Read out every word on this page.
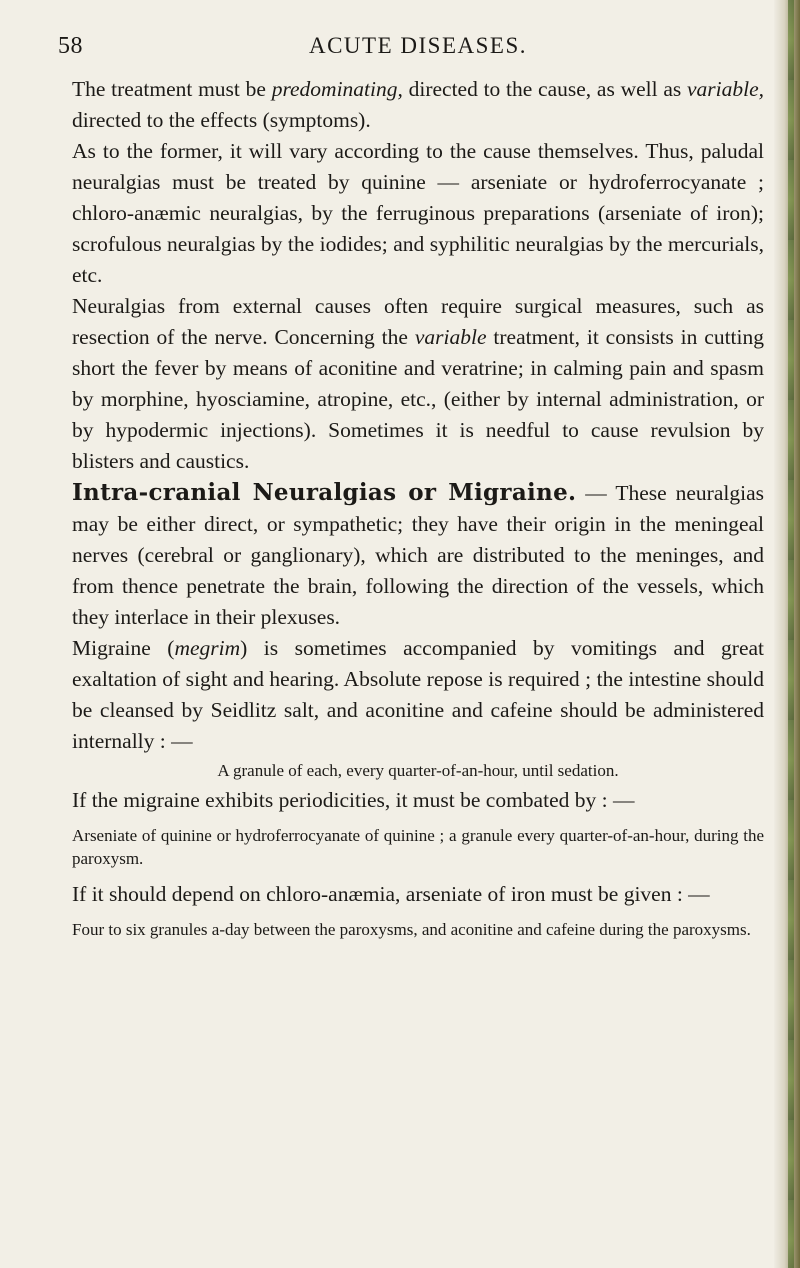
58	ACUTE DISEASES.

The treatment must be predominating, directed to the cause, as well as variable, directed to the effects (symptoms).

As to the former, it will vary according to the cause themselves. Thus, paludal neuralgias must be treated by quinine — arseniate or hydroferrocyanate ; chloro-anæmic neuralgias, by the ferruginous preparations (arseniate of iron); scrofulous neuralgias by the iodides; and syphilitic neuralgias by the mercurials, etc.

Neuralgias from external causes often require surgical measures, such as resection of the nerve. Concerning the variable treatment, it consists in cutting short the fever by means of aconitine and veratrine; in calming pain and spasm by morphine, hyosciamine, atropine, etc., (either by internal administration, or by hypodermic injections). Sometimes it is needful to cause revulsion by blisters and caustics.

Intra-cranial Neuralgias or Migraine. — These neuralgias may be either direct, or sympathetic; they have their origin in the meningeal nerves (cerebral or ganglionary), which are distributed to the meninges, and from thence penetrate the brain, following the direction of the vessels, which they interlace in their plexuses.

Migraine (megrim) is sometimes accompanied by vomitings and great exaltation of sight and hearing. Absolute repose is required ; the intestine should be cleansed by Seidlitz salt, and aconitine and cafeine should be administered internally : —

A granule of each, every quarter-of-an-hour, until sedation.

If the migraine exhibits periodicities, it must be combated by : —

Arseniate of quinine or hydroferrocyanate of quinine ; a granule every quarter-of-an-hour, during the paroxysm.

If it should depend on chloro-anæmia, arseniate of iron must be given : —

Four to six granules a-day between the paroxysms, and aconitine and cafeine during the paroxysms.
